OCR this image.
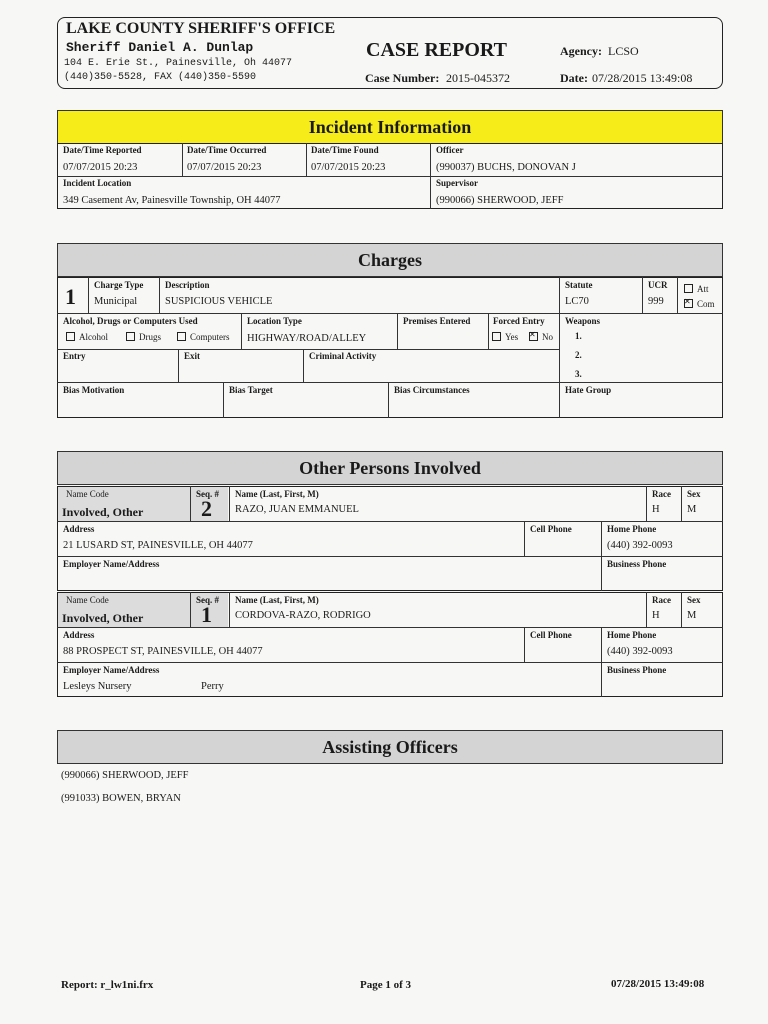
LAKE COUNTY SHERIFF'S OFFICE
Sheriff Daniel A. Dunlap
104 E. Erie St., Painesville, Oh 44077
(440)350-5528, FAX (440)350-5590
CASE REPORT	Agency: LCSO
Case Number: 2015-045372	Date: 07/28/2015 13:49:08
Incident Information
Date/Time Reported
07/07/2015 20:23
Date/Time Occurred
07/07/2015 20:23
Date/Time Found
07/07/2015 20:23
Officer
(990037) BUCHS, DONOVAN J
Incident Location
349 Casement Av, Painesville Township, OH 44077
Supervisor
(990066) SHERWOOD, JEFF
Charges
1 Charge Type
Municipal
Description
SUSPICIOUS VEHICLE
Statute
LC70
UCR
999
Att
✕Com
Alcohol, Drugs or Computers Used
Alcohol	Drugs	Computers
Location Type
HIGHWAY/ROAD/ALLEY
Premises Entered	Forced Entry
Yes
✕	No
Weapons
1.
2.
3.
Entry	Exit	Criminal Activity
Bias Motivation	Bias Target	Bias Circumstances	Hate Group
Other Persons Involved
Name Code
Involved, Other
Seq. #
2
Name (Last, First, M)
RAZO, JUAN EMMANUEL
Race
H
Sex
M
Address
21 LUSARD ST, PAINESVILLE, OH 44077
Cell Phone	Home Phone
(440) 392-0093
Employer Name/Address	Business Phone
Name Code
Involved, Other
Seq. #
1
Name (Last, First, M)
CORDOVA-RAZO, RODRIGO
Race
H
Sex
M
Address
88 PROSPECT ST, PAINESVILLE, OH 44077
Cell Phone	Home Phone
(440) 392-0093
Employer Name/Address
Lesleys Nursery	Perry
Business Phone
Assisting Officers
(990066) SHERWOOD, JEFF
(991033) BOWEN, BRYAN
Report: r_lw1ni.frx	Page 1 of 3	07/28/2015 13:49:08
